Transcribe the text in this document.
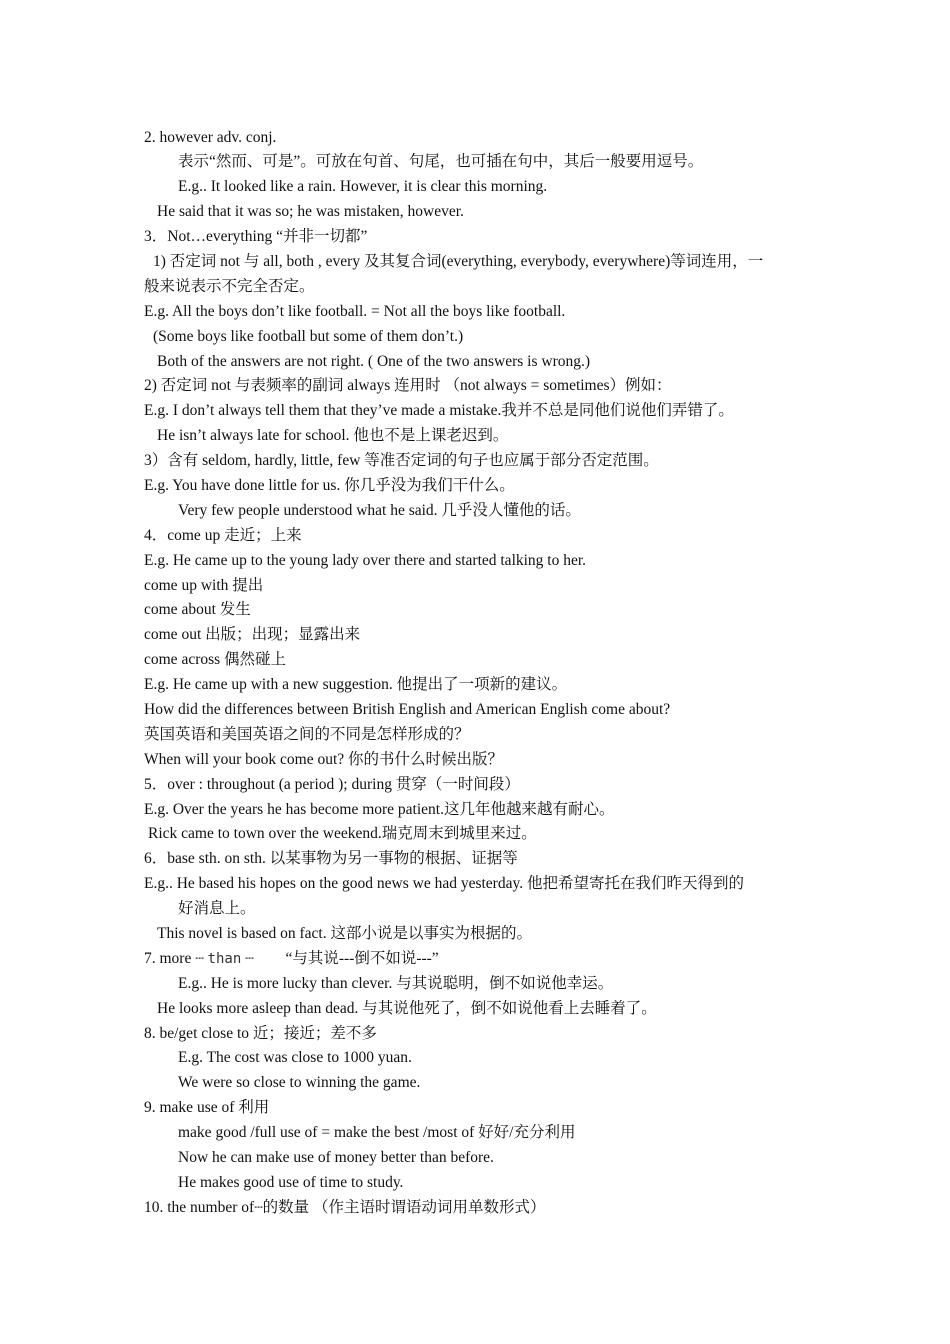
2. however adv. conj.
表示“然而、可是”。可放在句首、句尾，也可插在句中，其后一般要用逗号。
E.g.. It looked like a rain. However, it is clear this morning.
He said that it was so; he was mistaken, however.
3．Not…everything “并非一切都”
1) 否定词 not 与 all, both , every 及其复合词(everything, everybody, everywhere)等词连用，一
般来说表示不完全否定。
E.g. All the boys don’t like football. = Not all the boys like football.
(Some boys like football but some of them don’t.)
Both of the answers are not right. ( One of the two answers is wrong.)
2) 否定词 not 与表频率的副词 always 连用时 （not always = sometimes）例如：
E.g. I don’t always tell them that they’ve made a mistake.我并不总是同他们说他们弄错了。
He isn’t always late for school. 他也不是上课老迟到。
3）含有 seldom, hardly, little, few 等准否定词的句子也应属于部分否定范围。
E.g. You have done little for us. 你几乎没为我们干什么。
Very few people understood what he said. 几乎没人懂他的话。
4．come up 走近；上来
E.g. He came up to the young lady over there and started talking to her.
come up with 提出
come about 发生
come out 出版；出现；显露出来
come across 偶然碰上
E.g. He came up with a new suggestion. 他提出了一项新的建议。
How did the differences between British English and American English come about?
英国英语和美国英语之间的不同是怎样形成的？
When will your book come out? 你的书什么时候出版？
5．over : throughout (a period ); during 贯穿（一时间段）
E.g. Over the years he has become more patient.这几年他越来越有耐心。
Rick came to town over the weekend.瑞克周末到城里来过。
6．base sth. on sth. 以某事物为另一事物的根据、证据等
E.g.. He based his hopes on the good news we had yesterday. 他把希望寄托在我们昨天得到的
好消息上。
This novel is based on fact. 这部小说是以事实为根据的。
7. more ┄ than ┄ “与其说---倒不如说---”
E.g.. He is more lucky than clever. 与其说聪明，倒不如说他幸运。
He looks more asleep than dead. 与其说他死了，倒不如说他看上去睡着了。
8. be/get close to 近；接近；差不多
E.g. The cost was close to 1000 yuan.
We were so close to winning the game.
9. make use of 利用
make good /full use of = make the best /most of 好好/充分利用
Now he can make use of money better than before.
He makes good use of time to study.
10. the number of┄的数量 （作主语时谓语动词用单数形式）
